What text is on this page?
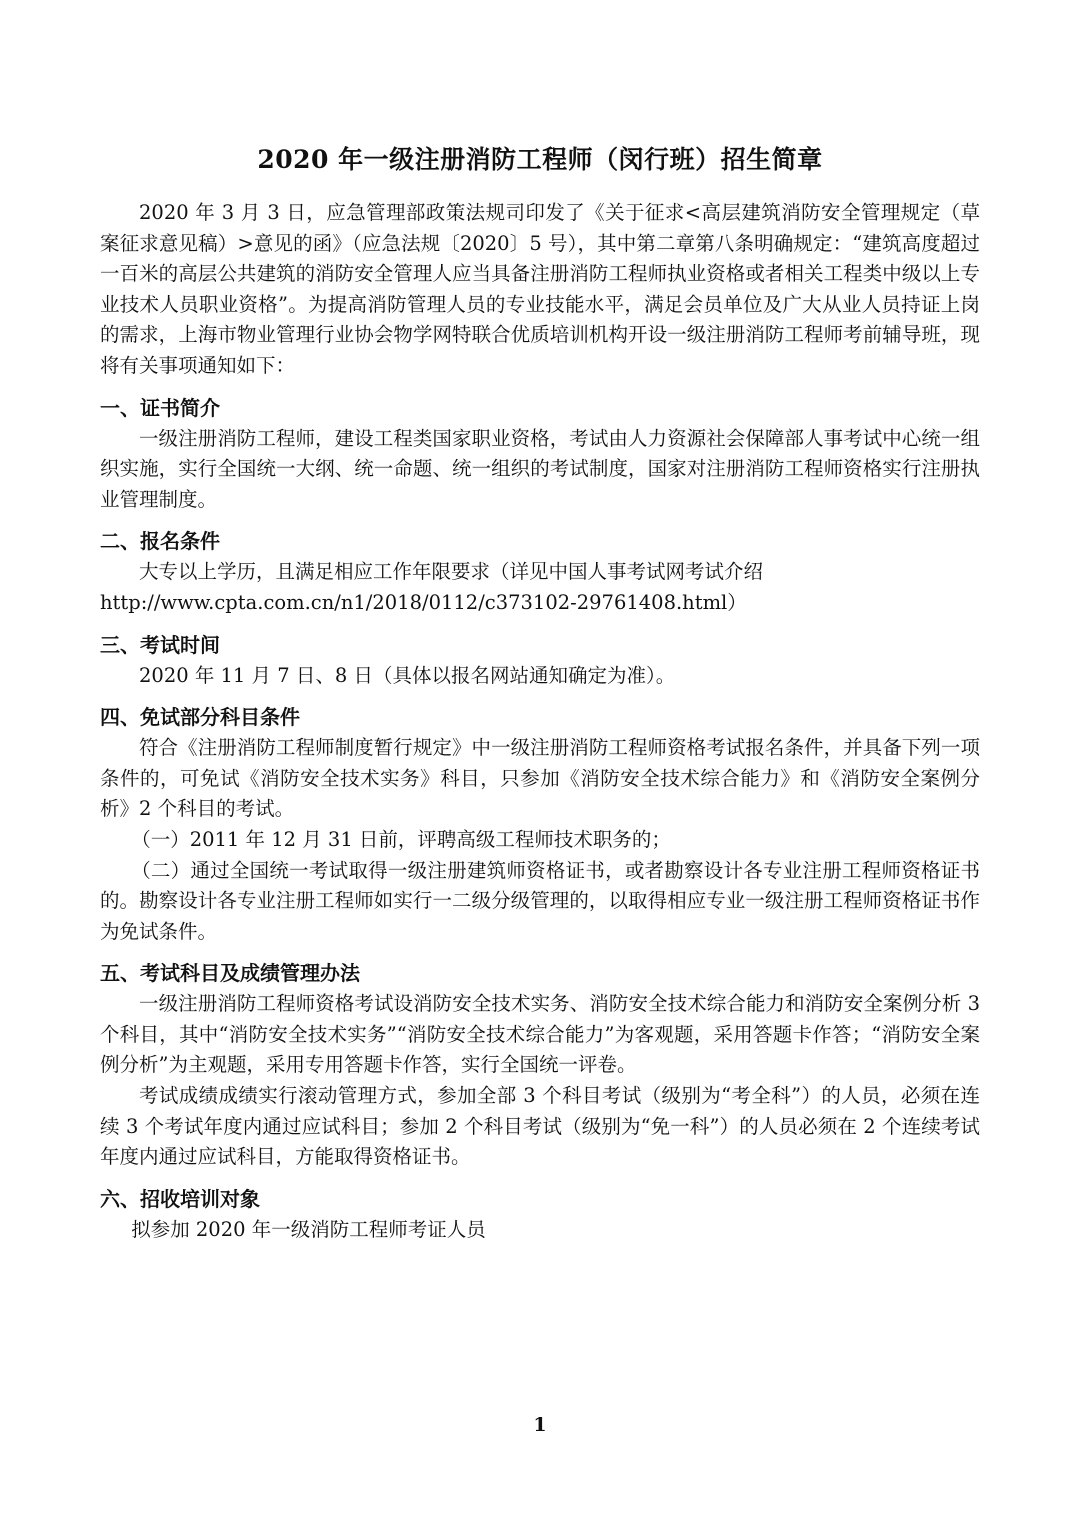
2020 年一级注册消防工程师（闵行班）招生简章

2020 年 3 月 3 日，应急管理部政策法规司印发了《关于征求<高层建筑消防安全管理规定（草案征求意见稿）>意见的函》（应急法规〔2020〕5 号），其中第二章第八条明确规定：“建筑高度超过一百米的高层公共建筑的消防安全管理人应当具备注册消防工程师执业资格或者相关工程类中级以上专业技术人员职业资格”。为提高消防管理人员的专业技能水平，满足会员单位及广大从业人员持证上岗的需求，上海市物业管理行业协会物学网特联合优质培训机构开设一级注册消防工程师考前辅导班，现将有关事项通知如下：

一、证书简介

一级注册消防工程师，建设工程类国家职业资格，考试由人力资源社会保障部人事考试中心统一组织实施，实行全国统一大纲、统一命题、统一组织的考试制度，国家对注册消防工程师资格实行注册执业管理制度。

二、报名条件

大专以上学历，且满足相应工作年限要求（详见中国人事考试网考试介绍

http://www.cpta.com.cn/n1/2018/0112/c373102-29761408.html）

三、考试时间

2020 年 11 月 7 日、8 日（具体以报名网站通知确定为准）。

四、免试部分科目条件

符合《注册消防工程师制度暂行规定》中一级注册消防工程师资格考试报名条件，并具备下列一项条件的，可免试《消防安全技术实务》科目，只参加《消防安全技术综合能力》和《消防安全案例分析》2 个科目的考试。

（一）2011 年 12 月 31 日前，评聘高级工程师技术职务的；

（二）通过全国统一考试取得一级注册建筑师资格证书，或者勘察设计各专业注册工程师资格证书的。勘察设计各专业注册工程师如实行一二级分级管理的，以取得相应专业一级注册工程师资格证书作为免试条件。

五、考试科目及成绩管理办法

一级注册消防工程师资格考试设消防安全技术实务、消防安全技术综合能力和消防安全案例分析 3 个科目，其中“消防安全技术实务”“消防安全技术综合能力”为客观题，采用答题卡作答；“消防安全案例分析”为主观题，采用专用答题卡作答，实行全国统一评卷。

考试成绩成绩实行滚动管理方式，参加全部 3 个科目考试（级别为“考全科”）的人员，必须在连续 3 个考试年度内通过应试科目；参加 2 个科目考试（级别为“免一科”）的人员必须在 2 个连续考试年度内通过应试科目，方能取得资格证书。

六、招收培训对象

拟参加 2020 年一级消防工程师考证人员

1
